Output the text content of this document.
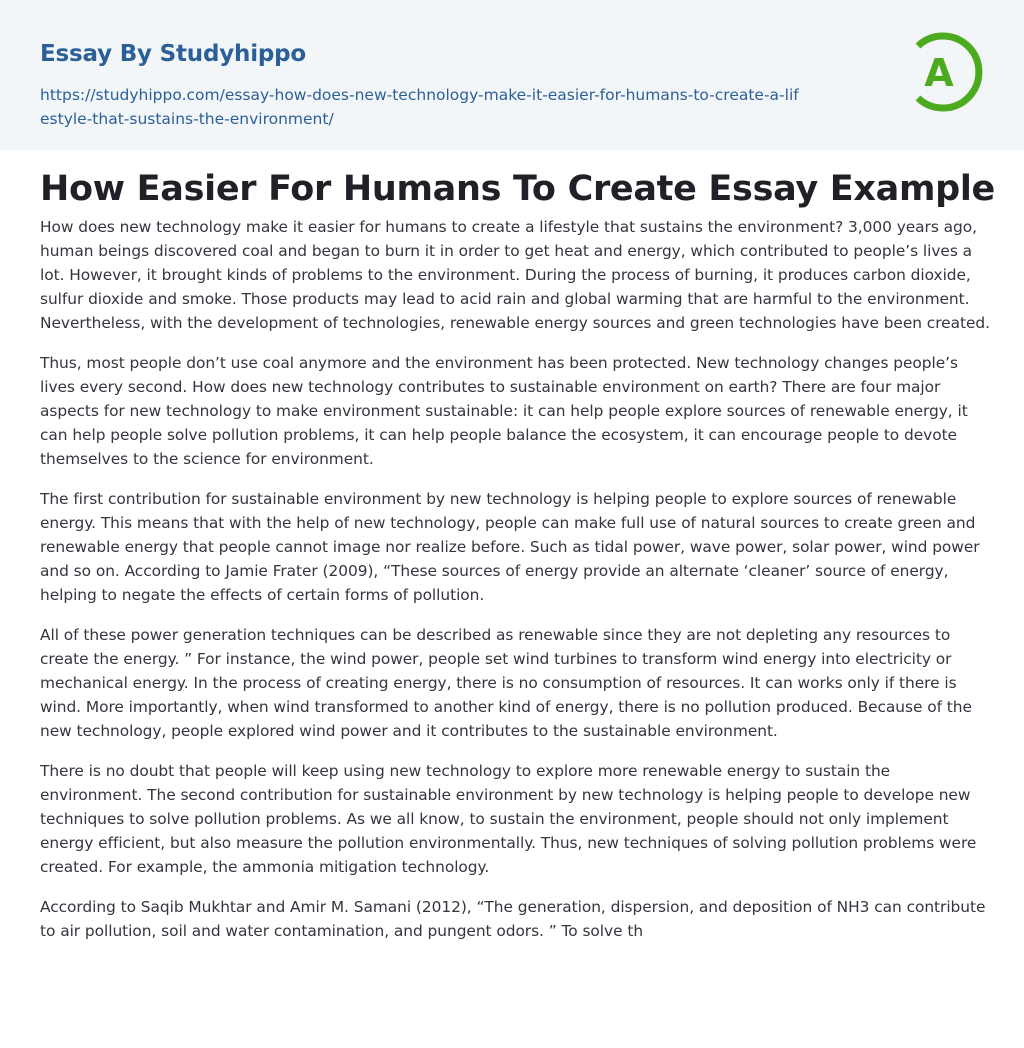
Essay By Studyhippo
https://studyhippo.com/essay-how-does-new-technology-make-it-easier-for-humans-to-create-a-lifestyle-that-sustains-the-environment/
A
How Easier For Humans To Create Essay Example

How does new technology make it easier for humans to create a lifestyle that sustains the environment? 3,000 years ago, human beings discovered coal and began to burn it in order to get heat and energy, which contributed to people’s lives a lot. However, it brought kinds of problems to the environment. During the process of burning, it produces carbon dioxide, sulfur dioxide and smoke. Those products may lead to acid rain and global warming that are harmful to the environment. Nevertheless, with the development of technologies, renewable energy sources and green technologies have been created.

Thus, most people don’t use coal anymore and the environment has been protected. New technology changes people’s lives every second. How does new technology contributes to sustainable environment on earth? There are four major aspects for new technology to make environment sustainable: it can help people explore sources of renewable energy, it can help people solve pollution problems, it can help people balance the ecosystem, it can encourage people to devote themselves to the science for environment.

The first contribution for sustainable environment by new technology is helping people to explore sources of renewable energy. This means that with the help of new technology, people can make full use of natural sources to create green and renewable energy that people cannot image nor realize before. Such as tidal power, wave power, solar power, wind power and so on. According to Jamie Frater (2009), “These sources of energy provide an alternate ‘cleaner’ source of energy, helping to negate the effects of certain forms of pollution.

All of these power generation techniques can be described as renewable since they are not depleting any resources to create the energy. ” For instance, the wind power, people set wind turbines to transform wind energy into electricity or mechanical energy. In the process of creating energy, there is no consumption of resources. It can works only if there is wind. More importantly, when wind transformed to another kind of energy, there is no pollution produced. Because of the new technology, people explored wind power and it contributes to the sustainable environment.

There is no doubt that people will keep using new technology to explore more renewable energy to sustain the environment. The second contribution for sustainable environment by new technology is helping people to develope new techniques to solve pollution problems. As we all know, to sustain the environment, people should not only implement energy efficient, but also measure the pollution environmentally. Thus, new techniques of solving pollution problems were created. For example, the ammonia mitigation technology.

According to Saqib Mukhtar and Amir M. Samani (2012), “The generation, dispersion, and deposition of NH3 can contribute to air pollution, soil and water contamination, and pungent odors. ” To solve th
